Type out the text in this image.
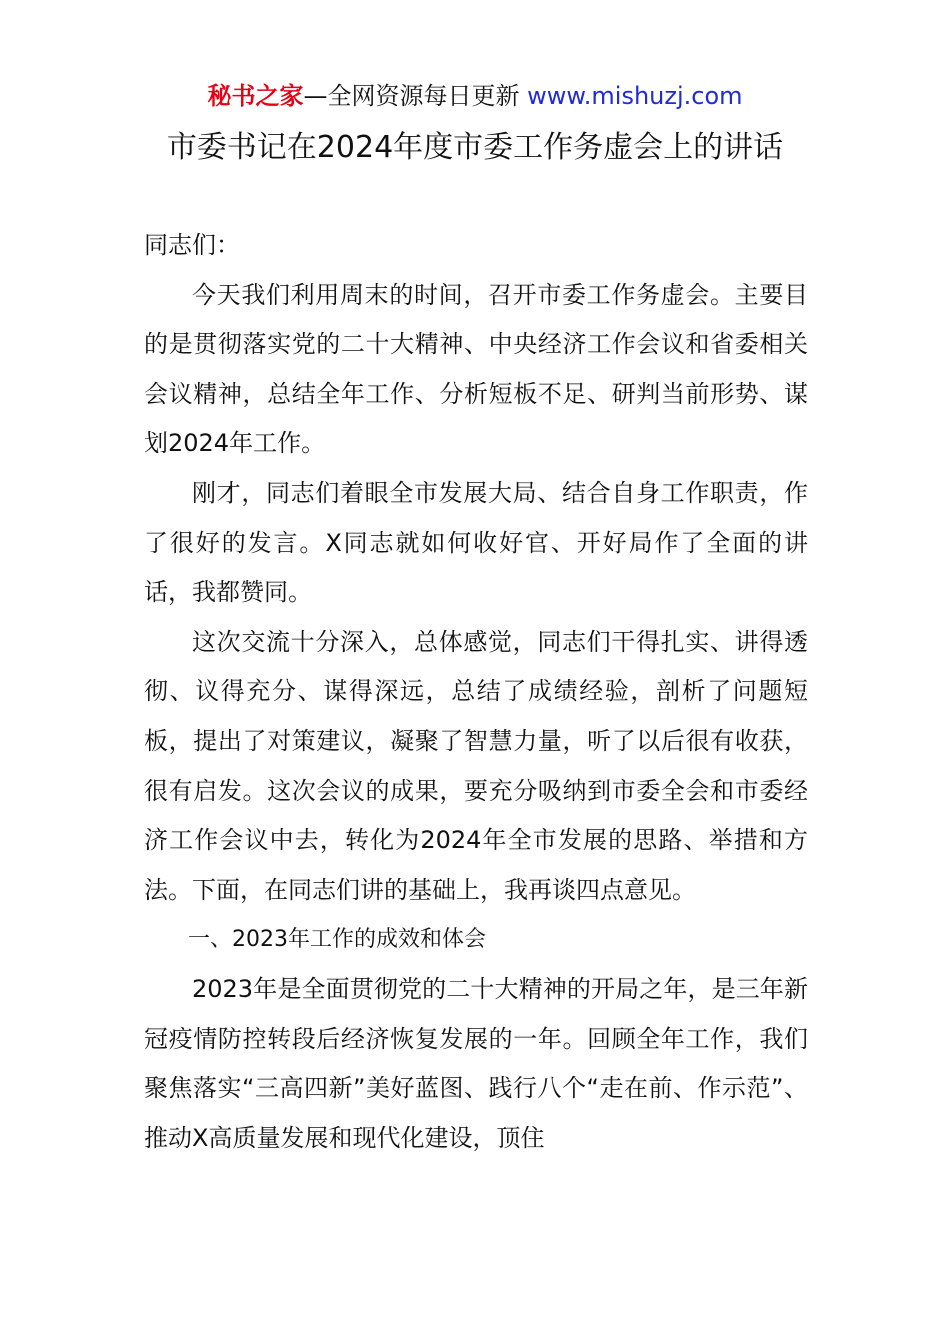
秘书之家—全网资源每日更新 www.mishuzj.com
市委书记在2024年度市委工作务虚会上的讲话

同志们：

今天我们利用周末的时间，召开市委工作务虚会。主要目的是贯彻落实党的二十大精神、中央经济工作会议和省委相关会议精神，总结全年工作、分析短板不足、研判当前形势、谋划2024年工作。

刚才，同志们着眼全市发展大局、结合自身工作职责，作了很好的发言。X同志就如何收好官、开好局作了全面的讲话，我都赞同。

这次交流十分深入，总体感觉，同志们干得扎实、讲得透彻、议得充分、谋得深远，总结了成绩经验，剖析了问题短板，提出了对策建议，凝聚了智慧力量，听了以后很有收获，很有启发。这次会议的成果，要充分吸纳到市委全会和市委经济工作会议中去，转化为2024年全市发展的思路、举措和方法。下面，在同志们讲的基础上，我再谈四点意见。

一、2023年工作的成效和体会

2023年是全面贯彻党的二十大精神的开局之年，是三年新冠疫情防控转段后经济恢复发展的一年。回顾全年工作，我们聚焦落实“三高四新”美好蓝图、践行八个“走在前、作示范”、推动X高质量发展和现代化建设，顶住
